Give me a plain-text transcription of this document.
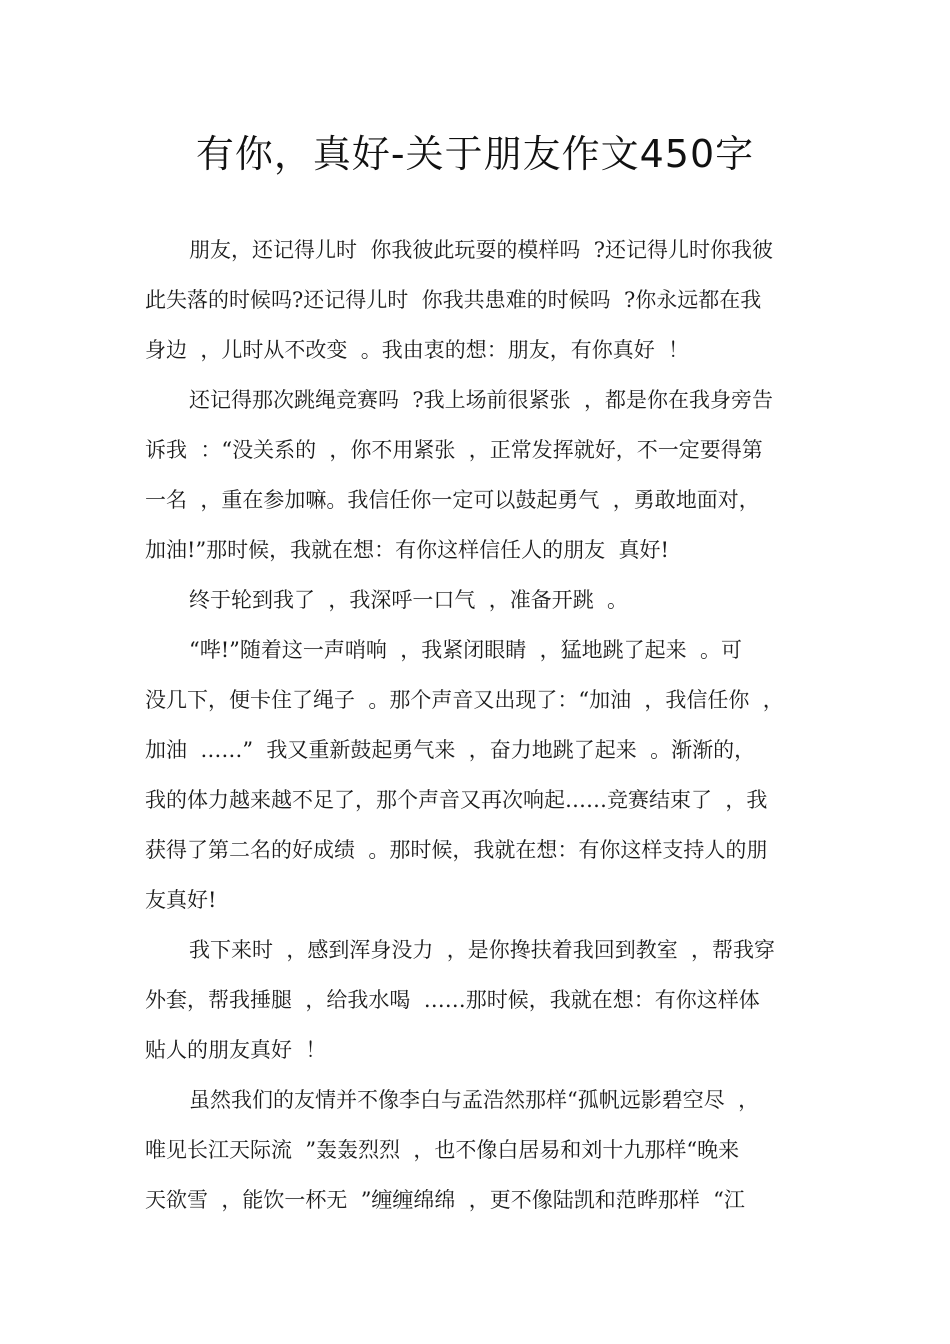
有你，真好-关于朋友作文450字
朋友，还记得儿时  你我彼此玩耍的模样吗  ?还记得儿时你我彼
此失落的时候吗?还记得儿时  你我共患难的时候吗  ?你永远都在我
身边  ，儿时从不改变  。我由衷的想：朋友，有你真好  ！
还记得那次跳绳竞赛吗  ?我上场前很紧张  ，都是你在我身旁告
诉我  ：“没关系的  ，你不用紧张  ，正常发挥就好，不一定要得第
一名  ，重在参加嘛。我信任你一定可以鼓起勇气  ，勇敢地面对，
加油!”那时候，我就在想：有你这样信任人的朋友  真好!
终于轮到我了  ，我深呼一口气  ，准备开跳  。
“哔!”随着这一声哨响  ，我紧闭眼睛  ，猛地跳了起来  。可
没几下，便卡住了绳子  。那个声音又出现了：“加油  ，我信任你  ，
加油  ……”  我又重新鼓起勇气来  ，奋力地跳了起来  。渐渐的，
我的体力越来越不足了，那个声音又再次响起……竞赛结束了  ，我
获得了第二名的好成绩  。那时候，我就在想：有你这样支持人的朋
友真好!
我下来时  ，感到浑身没力  ，是你搀扶着我回到教室  ，帮我穿
外套，帮我捶腿  ，给我水喝  ……那时候，我就在想：有你这样体
贴人的朋友真好  ！
虽然我们的友情并不像李白与孟浩然那样“孤帆远影碧空尽  ，
唯见长江天际流  ”轰轰烈烈  ，也不像白居易和刘十九那样“晚来
天欲雪  ，能饮一杯无  ”缠缠绵绵  ，更不像陆凯和范晔那样  “江
